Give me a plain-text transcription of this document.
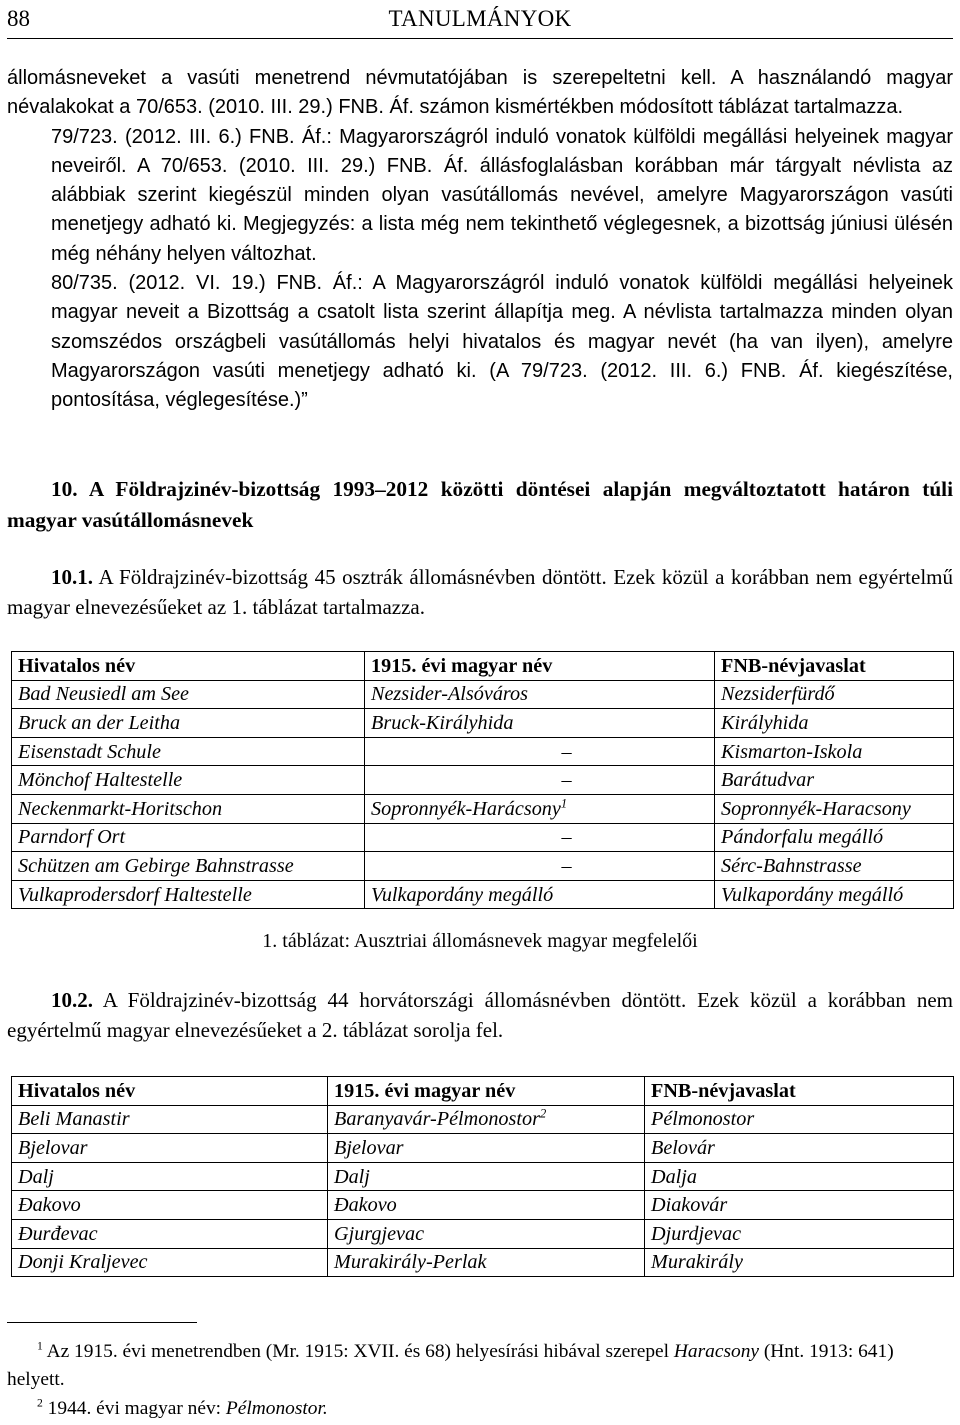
88	TANULMÁNYOK

állomásneveket a vasúti menetrend névmutatójában is szerepeltetni kell. A használandó magyar névalakokat a 70/653. (2010. III. 29.) FNB. Áf. számon kismértékben módosított táblázat tartalmazza.

79/723. (2012. III. 6.) FNB. Áf.: Magyarországról induló vonatok külföldi megállási helyeinek magyar neveiről. A 70/653. (2010. III. 29.) FNB. Áf. állásfoglalásban korábban már tárgyalt névlista az alábbiak szerint kiegészül minden olyan vasútállomás nevével, amelyre Magyarországon vasúti menetjegy adható ki. Megjegyzés: a lista még nem tekinthető véglegesnek, a bizottság júniusi ülésén még néhány helyen változhat.

80/735. (2012. VI. 19.) FNB. Áf.: A Magyarországról induló vonatok külföldi megállási helyeinek magyar neveit a Bizottság a csatolt lista szerint állapítja meg. A névlista tartalmazza minden olyan szomszédos országbeli vasútállomás helyi hivatalos és magyar nevét (ha van ilyen), amelyre Magyarországon vasúti menetjegy adható ki. (A 79/723. (2012. III. 6.) FNB. Áf. kiegészítése, pontosítása, véglegesítése.)”

10. A Földrajzinév-bizottság 1993–2012 közötti döntései alapján megváltoztatott határon túli magyar vasútállomásnevek

10.1. A Földrajzinév-bizottság 45 osztrák állomásnévben döntött. Ezek közül a korábban nem egyértelmű magyar elnevezésűeket az 1. táblázat tartalmazza.

Hivatalos név	1915. évi magyar név	FNB-névjavaslat
Bad Neusiedl am See	Nezsider-Alsóváros	Nezsiderfürdő
Bruck an der Leitha	Bruck-Királyhida	Királyhida
Eisenstadt Schule	–	Kismarton-Iskola
Mönchof Haltestelle	–	Barátudvar
Neckenmarkt-Horitschon	Sopronnyék-Harácsony$^1$	Sopronnyék-Haracsony
Parndorf Ort	–	Pándorfalu megálló
Schützen am Gebirge Bahnstrasse	–	Sérc-Bahnstrasse
Vulkaprodersdorf Haltestelle	Vulkapordány megálló	Vulkapordány megálló
1. táblázat: Ausztriai állomásnevek magyar megfelelői

10.2. A Földrajzinév-bizottság 44 horvátországi állomásnévben döntött. Ezek közül a korábban nem egyértelmű magyar elnevezésűeket a 2. táblázat sorolja fel.

Hivatalos név	1915. évi magyar név	FNB-névjavaslat
Beli Manastir	Baranyavár-Pélmonostor$^2$	Pélmonostor
Bjelovar	Bjelovar	Belovár
Dalj	Dalj	Dalja
Đakovo	Đakovo	Diakovár
Đurđevac	Gjurgjevac	Djurdjevac
Donji Kraljevec	Murakirály-Perlak	Murakirály
$^1$ Az 1915. évi menetrendben (Mr. 1915: XVII. és 68) helyesírási hibával szerepel Haracsony (Hnt. 1913: 641) helyett.
$^2$ 1944. évi magyar név: Pélmonostor.
